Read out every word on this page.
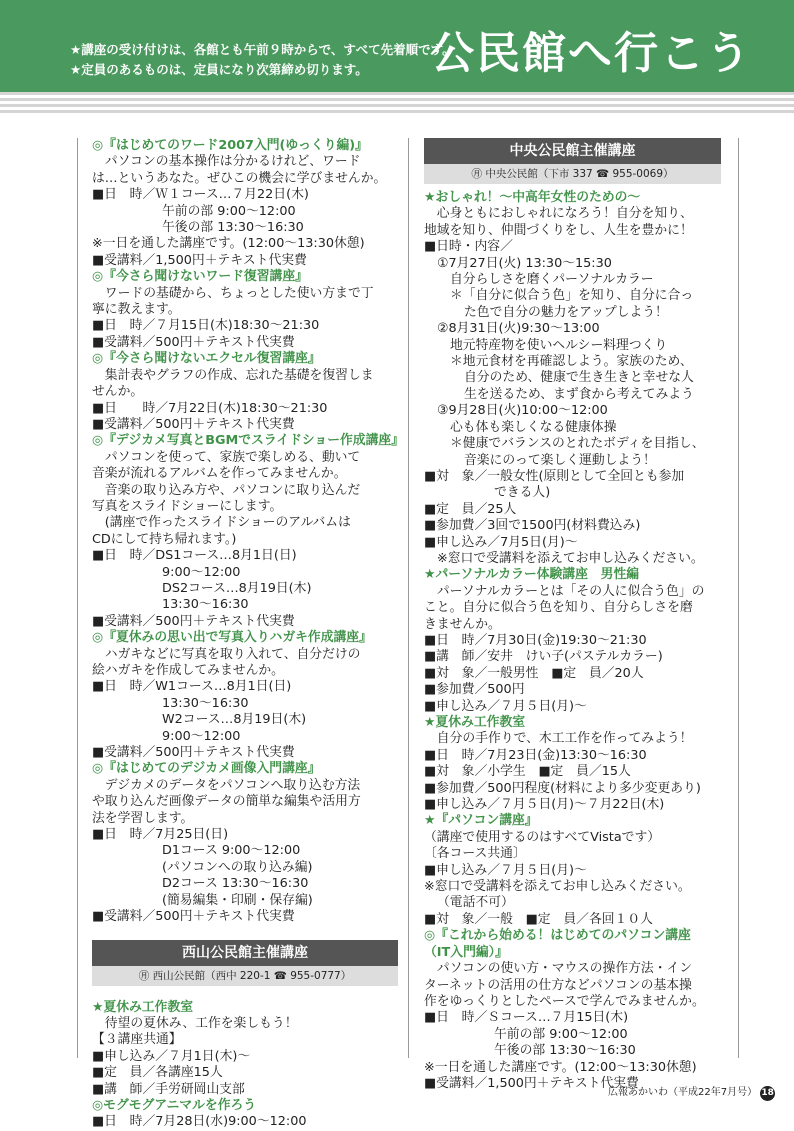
★講座の受け付けは、各館とも午前９時からで、すべて先着順です。
★定員のあるものは、定員になり次第締め切ります。	公民館へ行こう

◎『はじめてのワード2007入門(ゆっくり編)』

　パソコンの基本操作は分かるけれど、ワード

は…というあなた。ぜひこの機会に学びませんか。

■日　時／Ｗ１コース…７月22日(木)

午前の部 9:00〜12:00

午後の部 13:30〜16:30

※一日を通した講座です。(12:00〜13:30休憩)

■受講料／1,500円＋テキスト代実費

◎『今さら聞けないワード復習講座』

　ワードの基礎から、ちょっとした使い方まで丁

寧に教えます。

■日　時／７月15日(木)18:30〜21:30

■受講料／500円＋テキスト代実費

◎『今さら聞けないエクセル復習講座』

　集計表やグラフの作成、忘れた基礎を復習しま

せんか。

■日　　時／7月22日(木)18:30〜21:30

■受講料／500円＋テキスト代実費

◎『デジカメ写真とBGMでスライドショー作成講座』

　パソコンを使って、家族で楽しめる、動いて

音楽が流れるアルバムを作ってみませんか。

　音楽の取り込み方や、パソコンに取り込んだ

写真をスライドショーにします。

　(講座で作ったスライドショーのアルバムは

CDにして持ち帰れます。)

■日　時／DS1コース…8月1日(日)

9:00〜12:00

DS2コース…8月19日(木)

13:30〜16:30

■受講料／500円＋テキスト代実費

◎『夏休みの思い出で写真入りハガキ作成講座』

　ハガキなどに写真を取り入れて、自分だけの

絵ハガキを作成してみませんか。

■日　時／W1コース…8月1日(日)

13:30〜16:30

W2コース…8月19日(木)

9:00〜12:00

■受講料／500円＋テキスト代実費

◎『はじめてのデジカメ画像入門講座』

　デジカメのデータをパソコンへ取り込む方法

や取り込んだ画像データの簡単な編集や活用方

法を学習します。

■日　時／7月25日(日)

D1コース 9:00〜12:00

(パソコンへの取り込み編)

D2コース 13:30〜16:30

(簡易編集・印刷・保存編)

■受講料／500円＋テキスト代実費

西山公民館主催講座
㊊ 西山公民館（西中 220-1 ☎ 955-0777）

★夏休み工作教室

　待望の夏休み、工作を楽しもう！

【３講座共通】

■申し込み／７月1日(木)〜

■定　員／各講座15人

■講　師／手労研岡山支部

◎モグモグアニマルを作ろう

■日　時／7月28日(水)9:00〜12:00

中央公民館主催講座
㊊ 中央公民館（下市 337 ☎ 955-0069）

★おしゃれ！〜中高年女性のための〜

　心身ともにおしゃれになろう！自分を知り、

地域を知り、仲間づくりをし、人生を豊かに！

■日時・内容／

①7月27日(火) 13:30〜15:30

自分らしさを磨くパーソナルカラー

＊「自分に似合う色」を知り、自分に合っ

た色で自分の魅力をアップしよう！

②8月31日(火)9:30〜13:00

地元特産物を使いヘルシー料理つくり

＊地元食材を再確認しよう。家族のため、

自分のため、健康で生き生きと幸せな人

生を送るため、まず食から考えてみよう

③9月28日(火)10:00〜12:00

心も体も楽しくなる健康体操

＊健康でバランスのとれたボディを目指し、

音楽にのって楽しく運動しよう！

■対　象／一般女性(原則として全回とも参加

できる人)

■定　員／25人

■参加費／3回で1500円(材料費込み)

■申し込み／7月5日(月)〜

※窓口で受講料を添えてお申し込みください。

★パーソナルカラー体験講座　男性編

　パーソナルカラーとは「その人に似合う色」の

こと。自分に似合う色を知り、自分らしさを磨

きませんか。

■日　時／7月30日(金)19:30〜21:30

■講　師／安井　けい子(パステルカラー)

■対　象／一般男性　■定　員／20人

■参加費／500円

■申し込み／７月５日(月)〜

★夏休み工作教室

　自分の手作りで、木工工作を作ってみよう！

■日　時／7月23日(金)13:30〜16:30

■対　象／小学生　■定　員／15人

■参加費／500円程度(材料により多少変更あり)

■申し込み／７月５日(月)〜７月22日(木)

★『パソコン講座』

（講座で使用するのはすべてVistaです）

〔各コース共通〕

■申し込み／７月５日(月)〜

※窓口で受講料を添えてお申し込みください。

（電話不可）

■対　象／一般　■定　員／各回１０人

◎『これから始める！はじめてのパソコン講座

（IT入門編）』

　パソコンの使い方・マウスの操作方法・イン

ターネットの活用の仕方などパソコンの基本操

作をゆっくりとしたペースで学んでみませんか。

■日　時／Ｓコース…７月15日(木)

午前の部 9:00〜12:00

午後の部 13:30〜16:30

※一日を通した講座です。(12:00〜13:30休憩)

■受講料／1,500円＋テキスト代実費

広報あかいわ（平成22年7月号） 18
